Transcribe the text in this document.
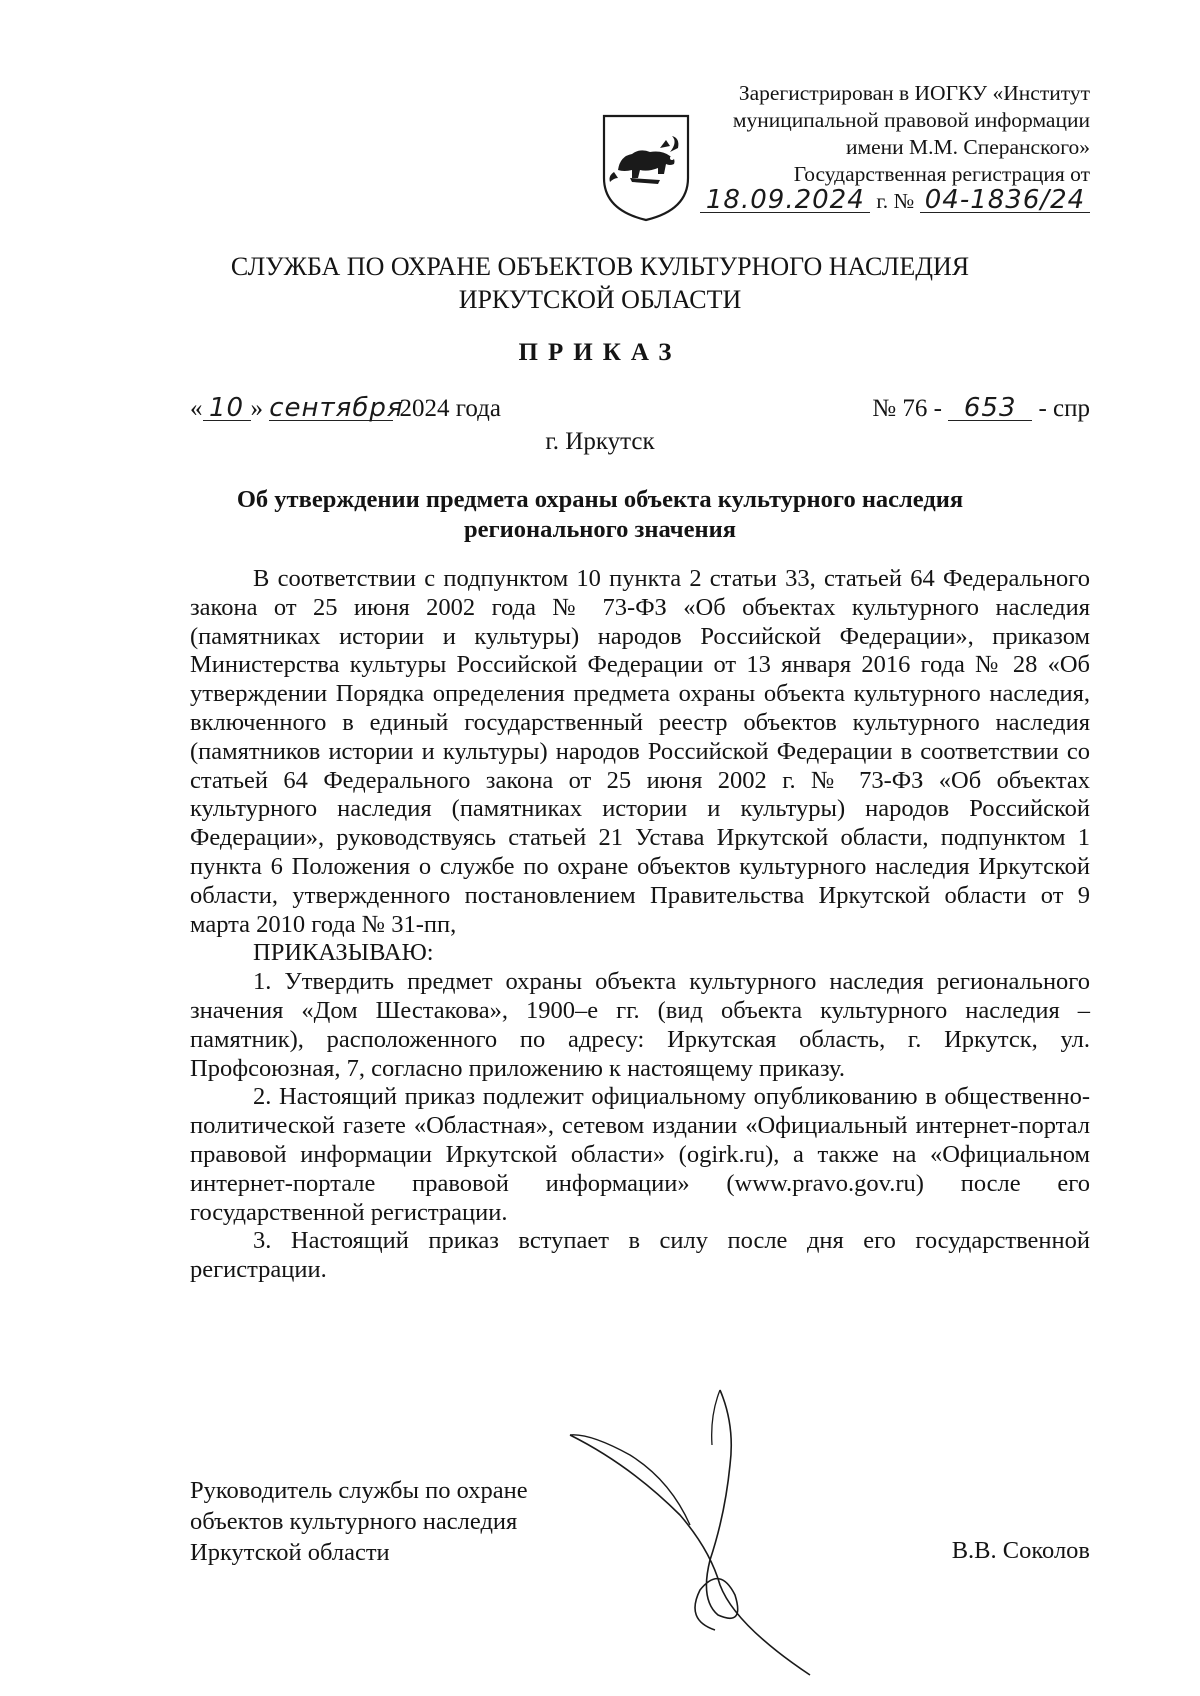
Зарегистрирован в ИОГКУ «Институт
муниципальной правовой информации
имени М.М. Сперанского»
Государственная регистрация от
18.09.2024 г. № 04-1836/24
СЛУЖБА ПО ОХРАНЕ ОБЪЕКТОВ КУЛЬТУРНОГО НАСЛЕДИЯ
ИРКУТСКОЙ ОБЛАСТИ
ПРИКАЗ
« 10 » сентября 2024 года	№ 76 - 653 - спр
г. Иркутск
Об утверждении предмета охраны объекта культурного наследия
регионального значения

В соответствии с подпунктом 10 пункта 2 статьи 33, статьей 64 Федерального закона от 25 июня 2002 года № 73-ФЗ «Об объектах культурного наследия (памятниках истории и культуры) народов Российской Федерации», приказом Министерства культуры Российской Федерации от 13 января 2016 года № 28 «Об утверждении Порядка определения предмета охраны объекта культурного наследия, включенного в единый государственный реестр объектов культурного наследия (памятников истории и культуры) народов Российской Федерации в соответствии со статьей 64 Федерального закона от 25 июня 2002 г. № 73-ФЗ «Об объектах культурного наследия (памятниках истории и культуры) народов Российской Федерации», руководствуясь статьей 21 Устава Иркутской области, подпунктом 1 пункта 6 Положения о службе по охране объектов культурного наследия Иркутской области, утвержденного постановлением Правительства Иркутской области от 9 марта 2010 года № 31-пп,

ПРИКАЗЫВАЮ:

1. Утвердить предмет охраны объекта культурного наследия регионального значения «Дом Шестакова», 1900–е гг. (вид объекта культурного наследия – памятник), расположенного по адресу: Иркутская область, г. Иркутск, ул. Профсоюзная, 7, согласно приложению к настоящему приказу.

2. Настоящий приказ подлежит официальному опубликованию в общественно-политической газете «Областная», сетевом издании «Официальный интернет-портал правовой информации Иркутской области» (ogirk.ru), а также на «Официальном интернет-портале правовой информации» (www.pravo.gov.ru) после его государственной регистрации.

3. Настоящий приказ вступает в силу после дня его государственной регистрации.

Руководитель службы по охране
объектов культурного наследия
Иркутской области	В.В. Соколов
